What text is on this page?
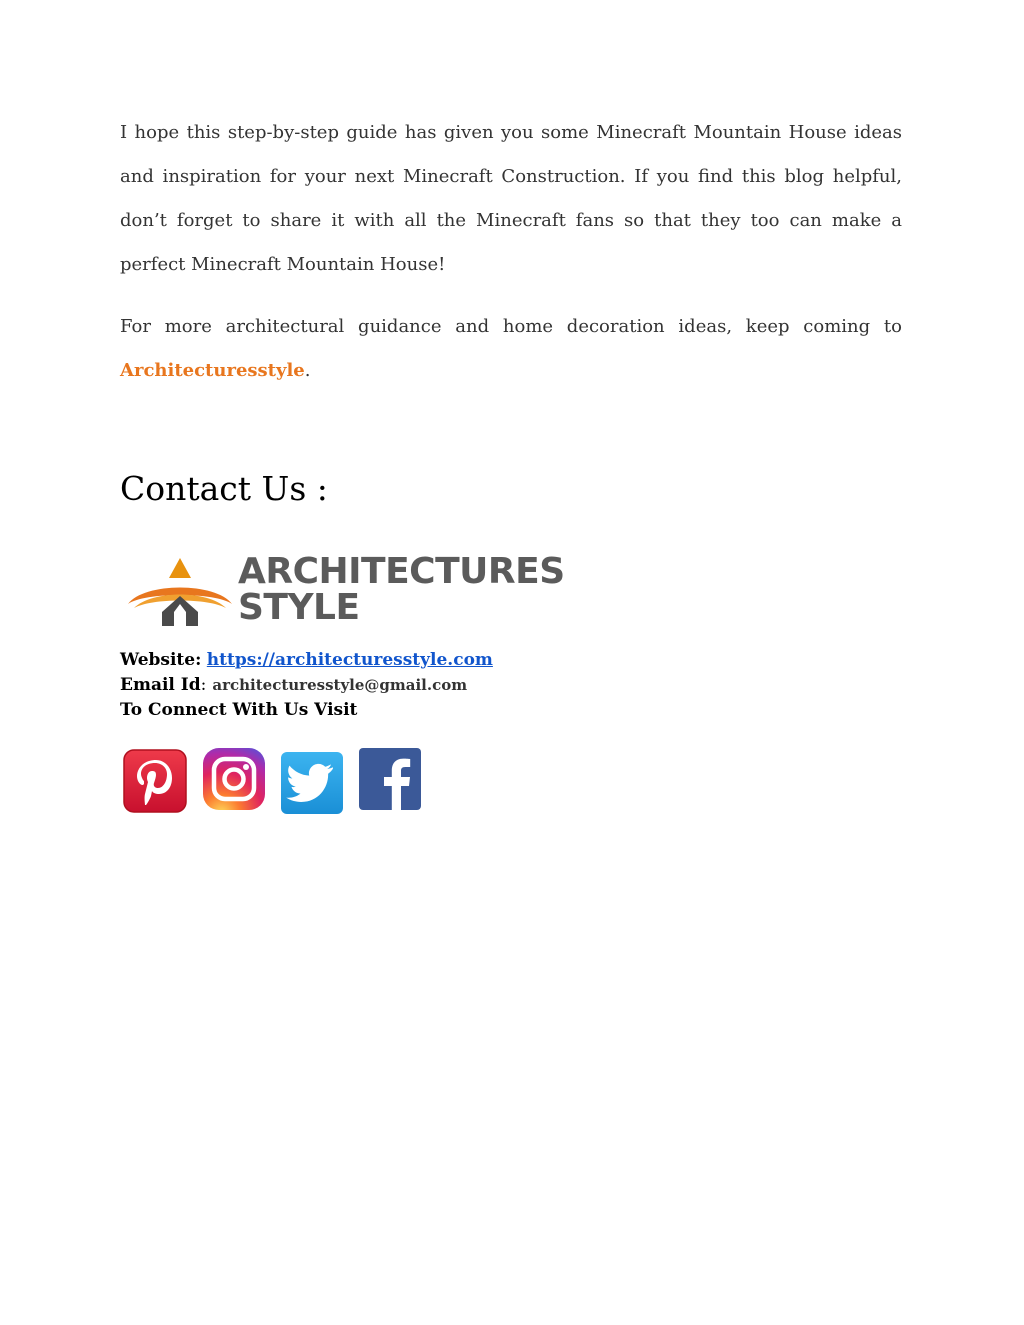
I hope this step-by-step guide has given you some Minecraft Mountain House ideas and inspiration for your next Minecraft Construction. If you find this blog helpful, don’t forget to share it with all the Minecraft fans so that they too can make a perfect Minecraft Mountain House!

For more architectural guidance and home decoration ideas, keep coming to Architecturesstyle.

Contact Us :
ARCHITECTURES
STYLE
Website: https://architecturesstyle.com
Email Id: architecturesstyle@gmail.com
To Connect With Us Visit
